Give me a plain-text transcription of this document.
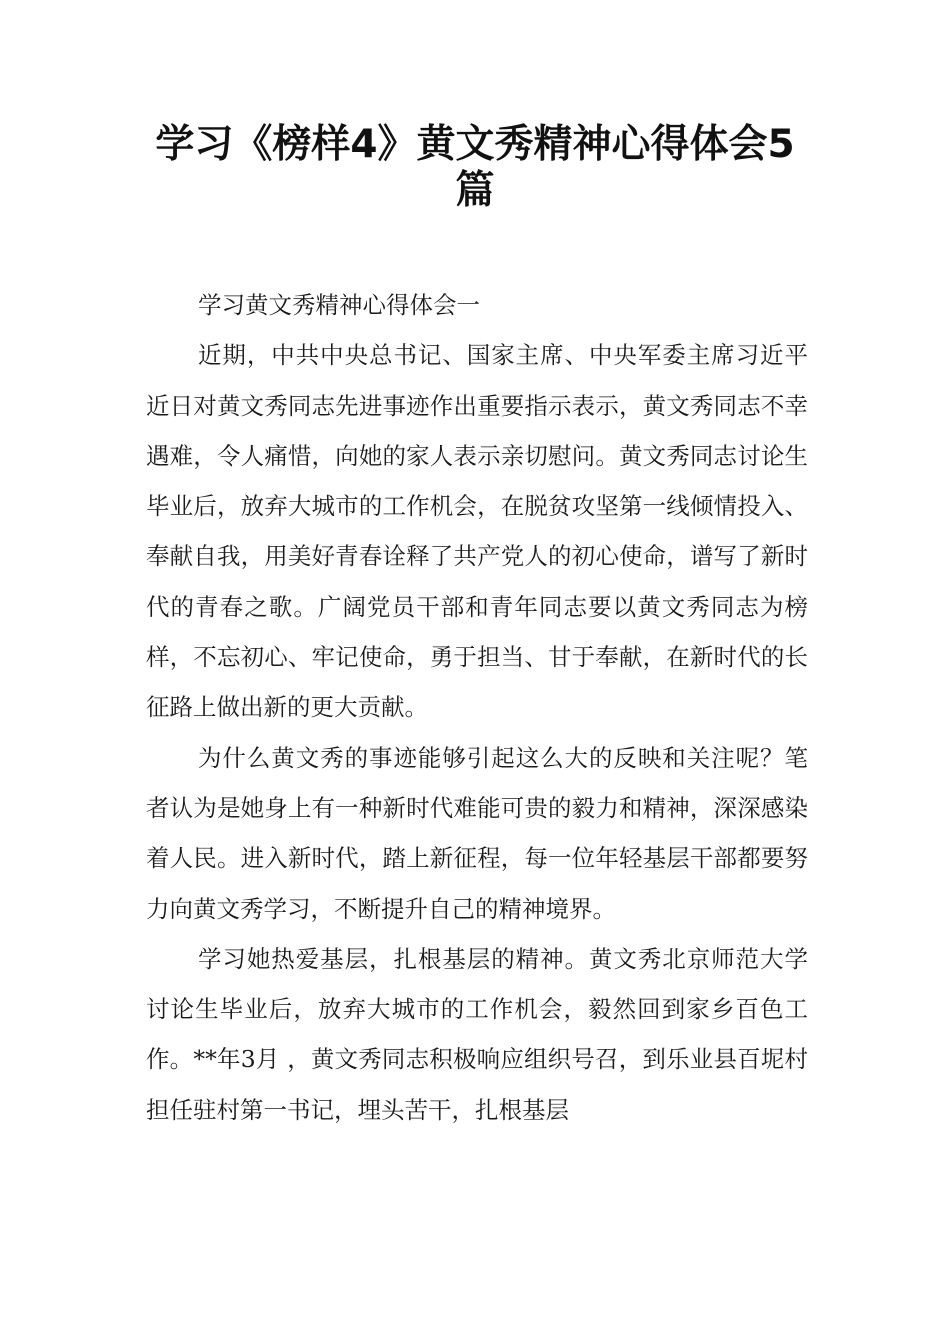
学习《榜样4》黄文秀精神心得体会5篇

学习黄文秀精神心得体会一

近期，中共中央总书记、国家主席、中央军委主席习近平近日对黄文秀同志先进事迹作出重要指示表示，黄文秀同志不幸遇难，令人痛惜，向她的家人表示亲切慰问。黄文秀同志讨论生毕业后，放弃大城市的工作机会，在脱贫攻坚第一线倾情投入、奉献自我，用美好青春诠释了共产党人的初心使命，谱写了新时代的青春之歌。广阔党员干部和青年同志要以黄文秀同志为榜样，不忘初心、牢记使命，勇于担当、甘于奉献，在新时代的长征路上做出新的更大贡献。

为什么黄文秀的事迹能够引起这么大的反映和关注呢？笔者认为是她身上有一种新时代难能可贵的毅力和精神，深深感染着人民。进入新时代，踏上新征程，每一位年轻基层干部都要努力向黄文秀学习，不断提升自己的精神境界。

学习她热爱基层，扎根基层的精神。黄文秀北京师范大学讨论生毕业后，放弃大城市的工作机会，毅然回到家乡百色工作。**年3月 ，黄文秀同志积极响应组织号召，到乐业县百坭村担任驻村第一书记，埋头苦干，扎根基层
